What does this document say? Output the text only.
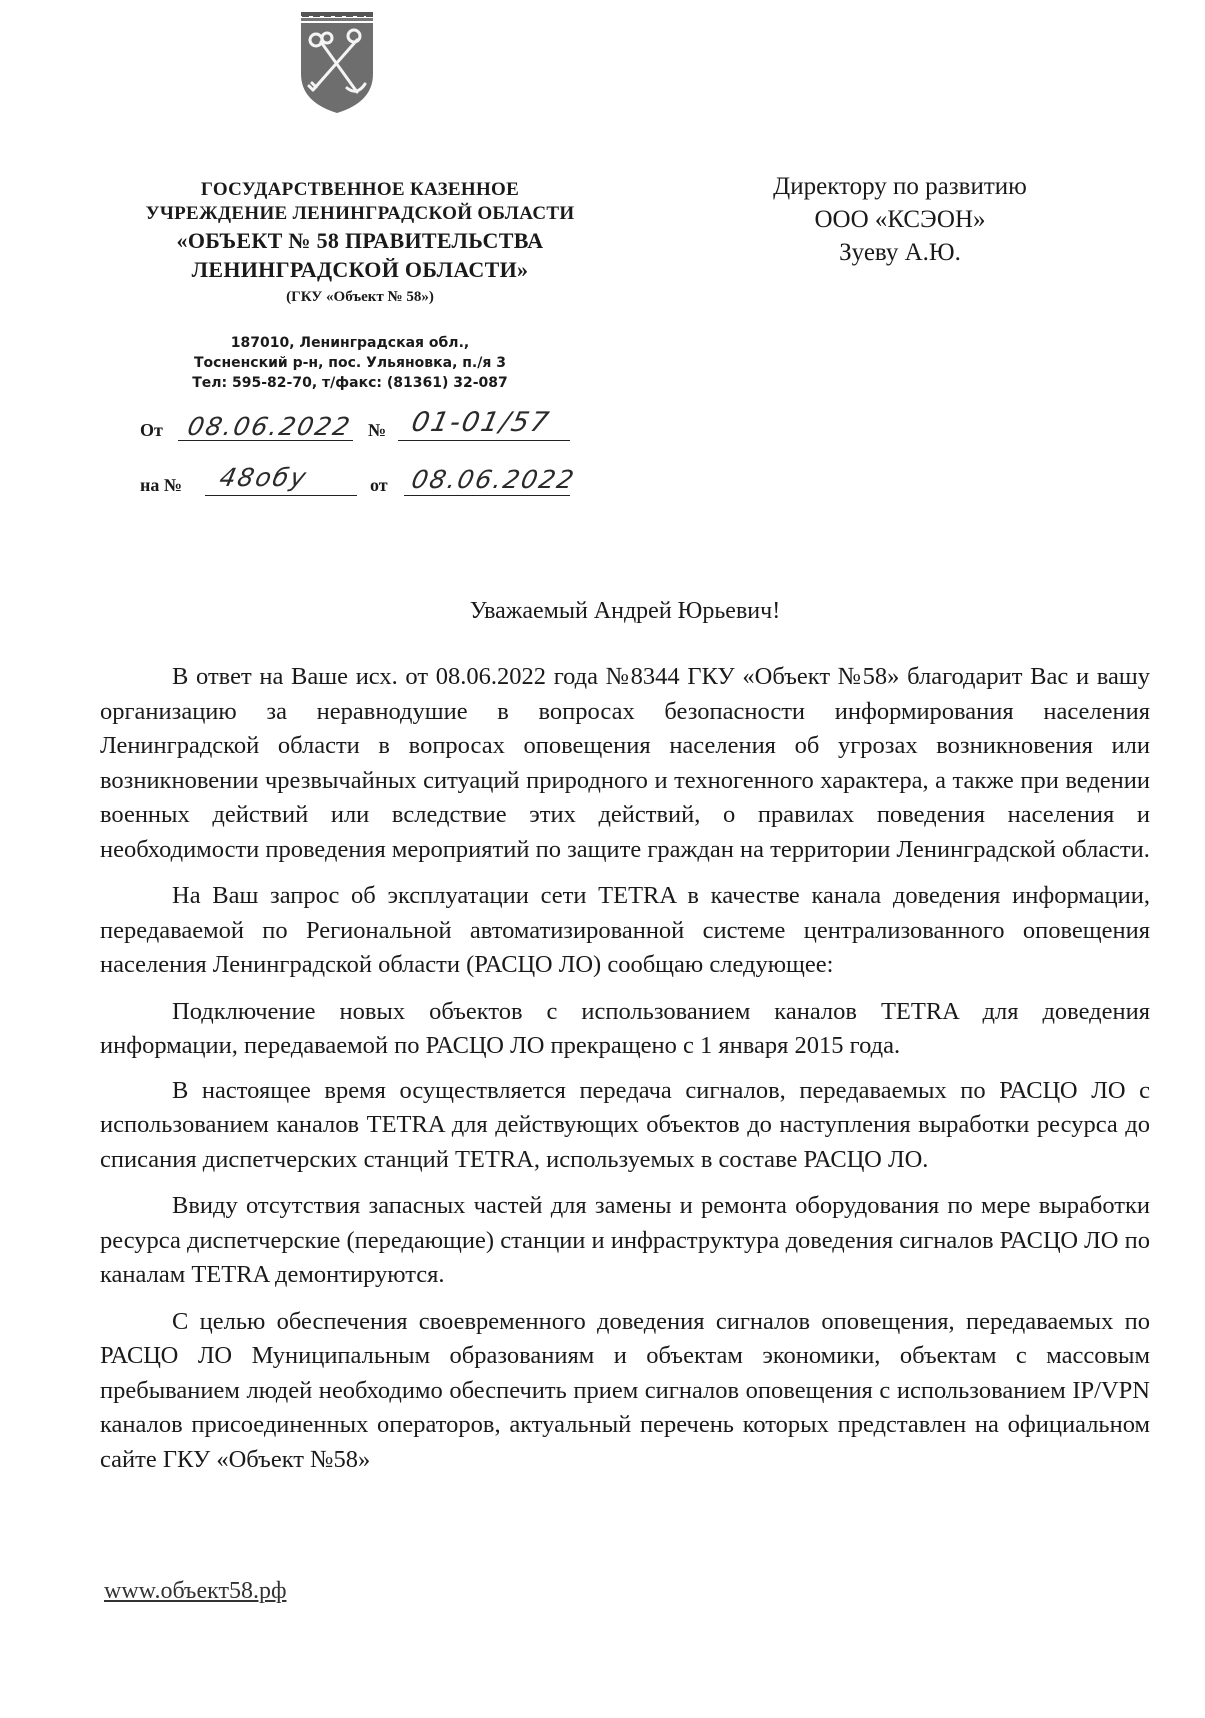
ГОСУДАРСТВЕННОЕ КАЗЕННОЕ
УЧРЕЖДЕНИЕ ЛЕНИНГРАДСКОЙ ОБЛАСТИ
«ОБЪЕКТ № 58 ПРАВИТЕЛЬСТВА
ЛЕНИНГРАДСКОЙ ОБЛАСТИ»
(ГКУ «Объект № 58»)
187010, Ленинградская обл.,
Тосненский р-н, пос. Ульяновка, п./я 3
Тел: 595-82-70, т/факс: (81361) 32-087
От 08.06.2022 № 01-01/57
на № 48обу	от 08.06.2022
Директору по развитию
ООО «КСЭОН»
Зуеву А.Ю.
Уважаемый Андрей Юрьевич!

В ответ на Ваше исх. от 08.06.2022 года №8344 ГКУ «Объект №58» благодарит Вас и вашу организацию за неравнодушие в вопросах безопасности информирования населения Ленинградской области в вопросах оповещения населения об угрозах возникновения или возникновении чрезвычайных ситуаций природного и техногенного характера, а также при ведении военных действий или вследствие этих действий, о правилах поведения населения и необходимости проведения мероприятий по защите граждан на территории Ленинградской области.

На Ваш запрос об эксплуатации сети TETRA в качестве канала доведения информации, передаваемой по Региональной автоматизированной системе централизованного оповещения населения Ленинградской области (РАСЦО ЛО) сообщаю следующее:

Подключение новых объектов с использованием каналов TETRA для доведения информации, передаваемой по РАСЦО ЛО прекращено с 1 января 2015 года.

В настоящее время осуществляется передача сигналов, передаваемых по РАСЦО ЛО с использованием каналов TETRA для действующих объектов до наступления выработки ресурса до списания диспетчерских станций TETRA, используемых в составе РАСЦО ЛО.

Ввиду отсутствия запасных частей для замены и ремонта оборудования по мере выработки ресурса диспетчерские (передающие) станции и инфраструктура доведения сигналов РАСЦО ЛО по каналам TETRA демонтируются.

С целью обеспечения своевременного доведения сигналов оповещения, передаваемых по РАСЦО ЛО Муниципальным образованиям и объектам экономики, объектам с массовым пребыванием людей необходимо обеспечить прием сигналов оповещения с использованием IP/VPN каналов присоединенных операторов, актуальный перечень которых представлен на официальном сайте ГКУ «Объект №58»

www.объект58.рф
